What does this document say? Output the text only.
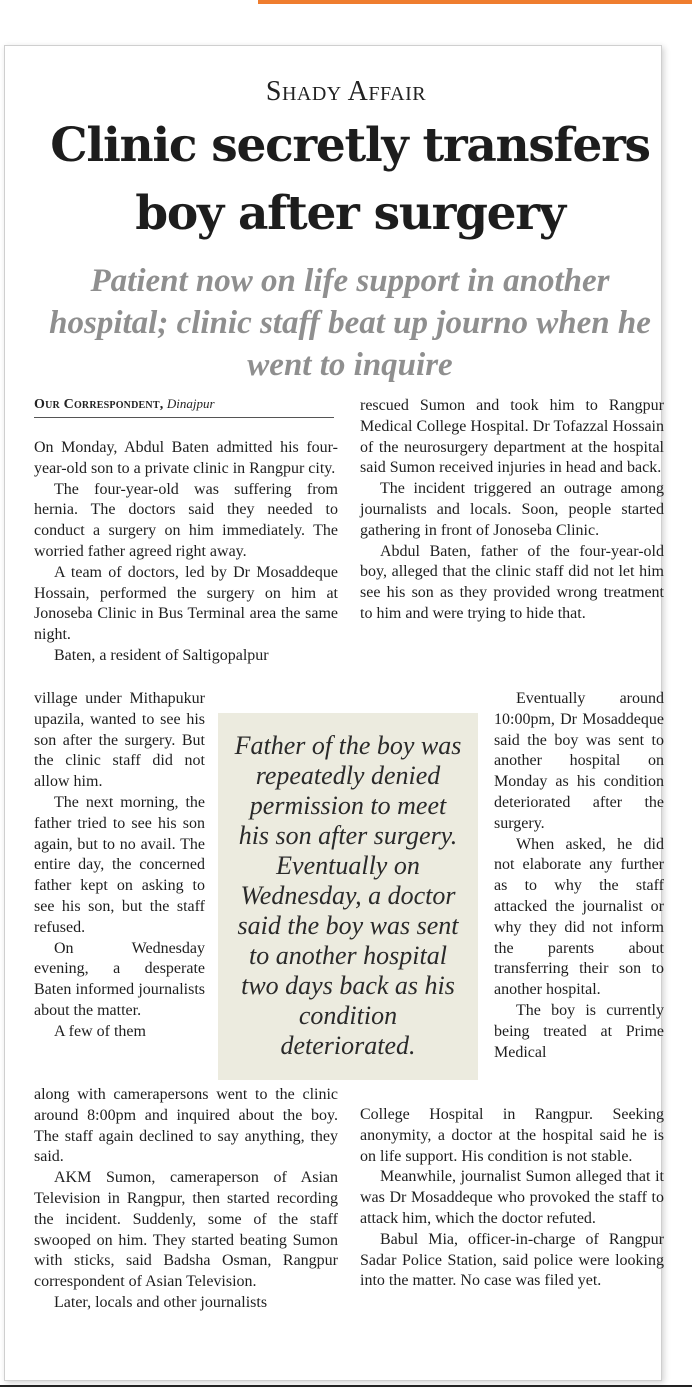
Shady Affair
Clinic secretly transfers boy after surgery
Patient now on life support in another hospital; clinic staff beat up journo when he went to inquire
Our Correspondent, Dinajpur

On Monday, Abdul Baten admitted his four-year-old son to a private clinic in Rangpur city.

The four-year-old was suffering from hernia. The doctors said they needed to conduct a surgery on him immediately. The worried father agreed right away.

A team of doctors, led by Dr Mosaddeque Hossain, performed the surgery on him at Jonoseba Clinic in Bus Terminal area the same night.

Baten, a resident of Saltigopalpur

village under Mithapukur upazila, wanted to see his son after the surgery. But the clinic staff did not allow him.

The next morning, the father tried to see his son again, but to no avail. The entire day, the concerned father kept on asking to see his son, but the staff refused.

On Wednesday evening, a desperate Baten informed journalists about the matter.

A few of them

along with camerapersons went to the clinic around 8:00pm and inquired about the boy. The staff again declined to say anything, they said.

AKM Sumon, cameraperson of Asian Television in Rangpur, then started recording the incident. Suddenly, some of the staff swooped on him. They started beating Sumon with sticks, said Badsha Osman, Rangpur correspondent of Asian Television.

Later, locals and other journalists

rescued Sumon and took him to Rangpur Medical College Hospital. Dr Tofazzal Hossain of the neurosurgery department at the hospital said Sumon received injuries in head and back.

The incident triggered an outrage among journalists and locals. Soon, people started gathering in front of Jonoseba Clinic.

Abdul Baten, father of the four-year-old boy, alleged that the clinic staff did not let him see his son as they provided wrong treatment to him and were trying to hide that.

Eventually around 10:00pm, Dr Mosaddeque said the boy was sent to another hospital on Monday as his condition deteriorated after the surgery.

When asked, he did not elaborate any further as to why the staff attacked the journalist or why they did not inform the parents about transferring their son to another hospital.

The boy is currently being treated at Prime Medical

College Hospital in Rangpur. Seeking anonymity, a doctor at the hospital said he is on life support. His condition is not stable.

Meanwhile, journalist Sumon alleged that it was Dr Mosaddeque who provoked the staff to attack him, which the doctor refuted.

Babul Mia, officer-in-charge of Rangpur Sadar Police Station, said police were looking into the matter. No case was filed yet.

Father of the boy was repeatedly denied permission to meet his son after surgery. Eventually on Wednesday, a doctor said the boy was sent to another hospital two days back as his condition deteriorated.
